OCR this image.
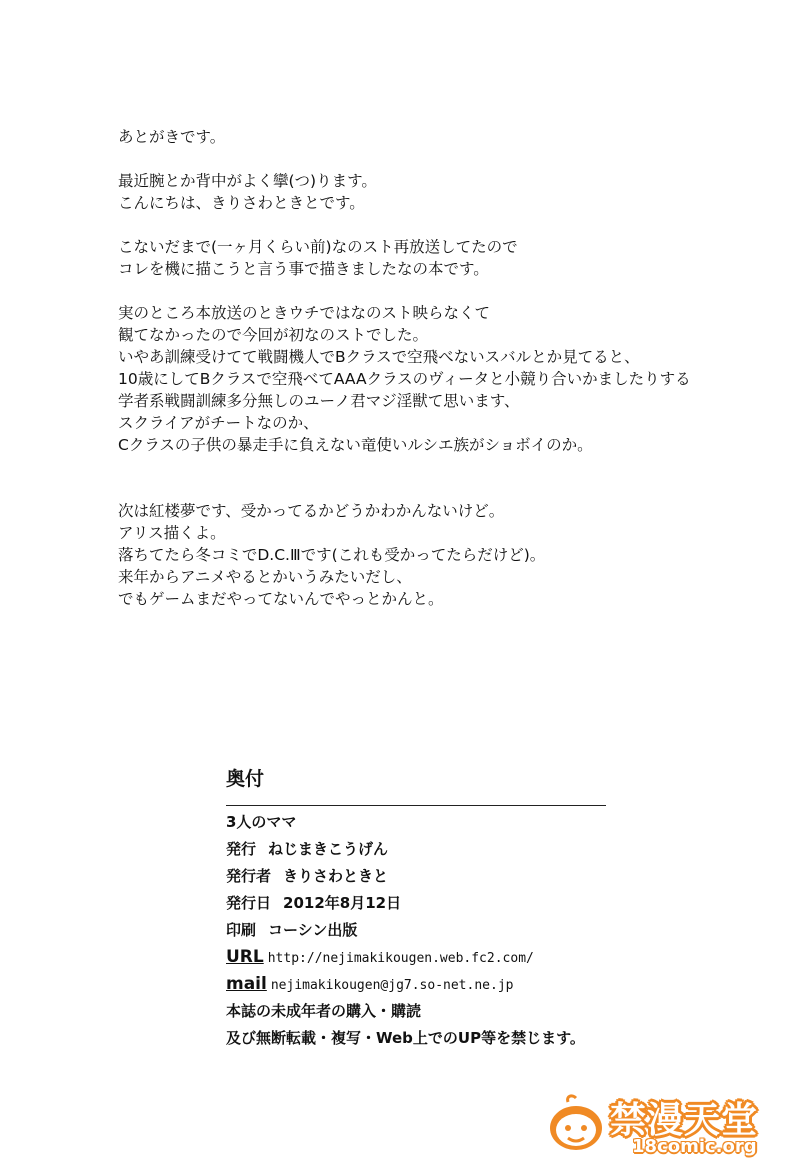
あとがきです。

最近腕とか背中がよく攣(つ)ります。

こんにちは、きりさわときとです。

こないだまで(一ヶ月くらい前)なのスト再放送してたので

コレを機に描こうと言う事で描きましたなの本です。

実のところ本放送のときウチではなのスト映らなくて

観てなかったので今回が初なのストでした。

いやあ訓練受けてて戦闘機人でBクラスで空飛べないスバルとか見てると、

10歳にしてBクラスで空飛べてAAAクラスのヴィータと小競り合いかましたりする

学者系戦闘訓練多分無しのユーノ君マジ淫獣て思います、

スクライアがチートなのか、

Cクラスの子供の暴走手に負えない竜使いルシエ族がショボイのか。

次は紅楼夢です、受かってるかどうかわかんないけど。

アリス描くよ。

落ちてたら冬コミでD.C.Ⅲです(これも受かってたらだけど)。

来年からアニメやるとかいうみたいだし、

でもゲームまだやってないんでやっとかんと。

奥付
3人のママ
発行 ねじまきこうげん
発行者 きりさわときと
発行日 2012年8月12日
印刷 コーシン出版
URL http://nejimakikougen.web.fc2.com/
mail nejimakikougen@jg7.so-net.ne.jp
本誌の未成年者の購入・購読
及び無断転載・複写・Web上でのUP等を禁じます。
禁漫天堂
18comic.org
